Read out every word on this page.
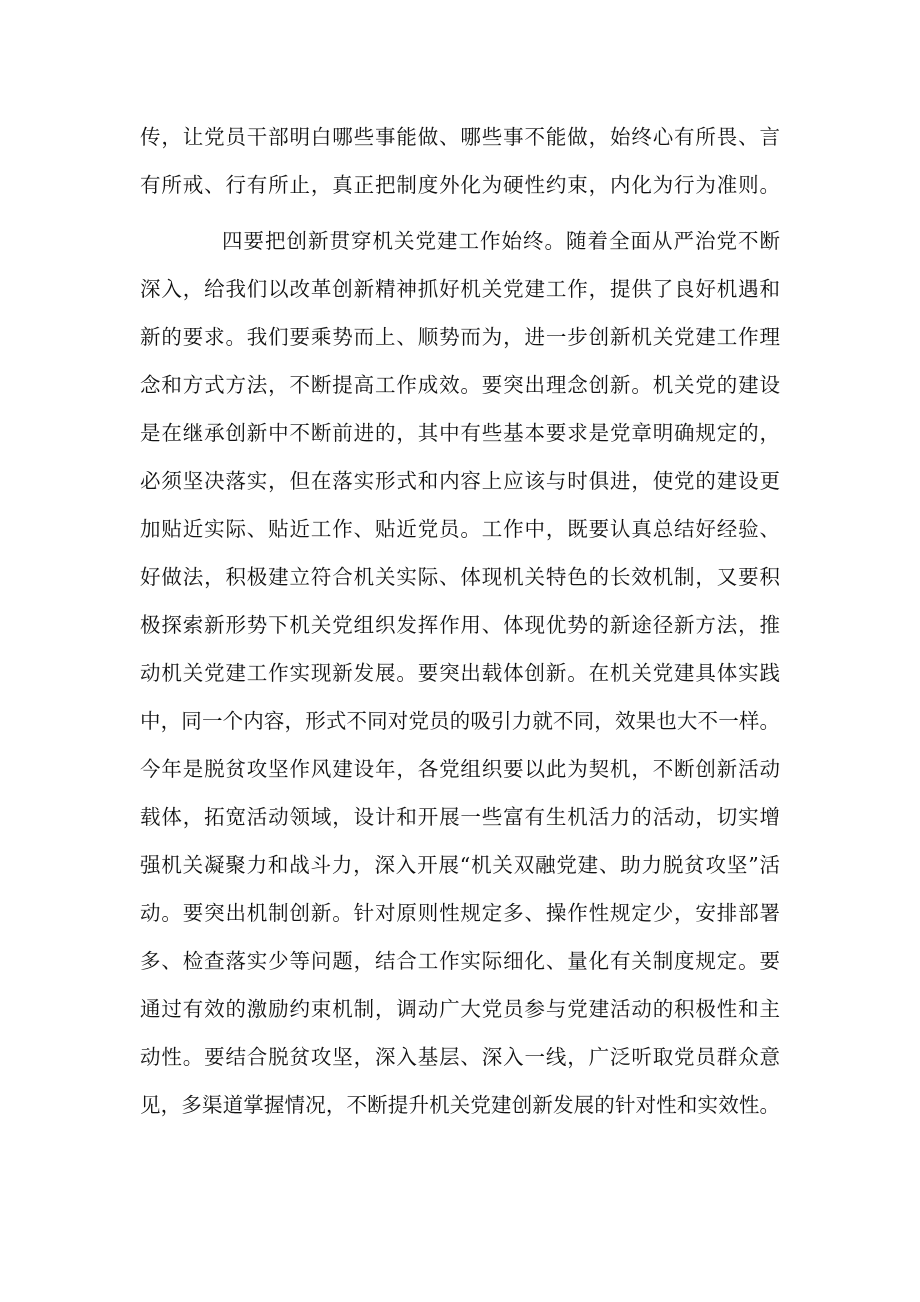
传，让党员干部明白哪些事能做、哪些事不能做，始终心有所畏、言
有所戒、行有所止，真正把制度外化为硬性约束，内化为行为准则。
四要把创新贯穿机关党建工作始终。随着全面从严治党不断
深入，给我们以改革创新精神抓好机关党建工作，提供了良好机遇和
新的要求。我们要乘势而上、顺势而为，进一步创新机关党建工作理
念和方式方法，不断提高工作成效。要突出理念创新。机关党的建设
是在继承创新中不断前进的，其中有些基本要求是党章明确规定的，
必须坚决落实，但在落实形式和内容上应该与时俱进，使党的建设更
加贴近实际、贴近工作、贴近党员。工作中，既要认真总结好经验、
好做法，积极建立符合机关实际、体现机关特色的长效机制，又要积
极探索新形势下机关党组织发挥作用、体现优势的新途径新方法，推
动机关党建工作实现新发展。要突出载体创新。在机关党建具体实践
中，同一个内容，形式不同对党员的吸引力就不同，效果也大不一样。
今年是脱贫攻坚作风建设年，各党组织要以此为契机，不断创新活动
载体，拓宽活动领域，设计和开展一些富有生机活力的活动，切实增
强机关凝聚力和战斗力，深入开展“机关双融党建、助力脱贫攻坚”活
动。要突出机制创新。针对原则性规定多、操作性规定少，安排部署
多、检查落实少等问题，结合工作实际细化、量化有关制度规定。要
通过有效的激励约束机制，调动广大党员参与党建活动的积极性和主
动性。要结合脱贫攻坚，深入基层、深入一线，广泛听取党员群众意
见，多渠道掌握情况，不断提升机关党建创新发展的针对性和实效性。
